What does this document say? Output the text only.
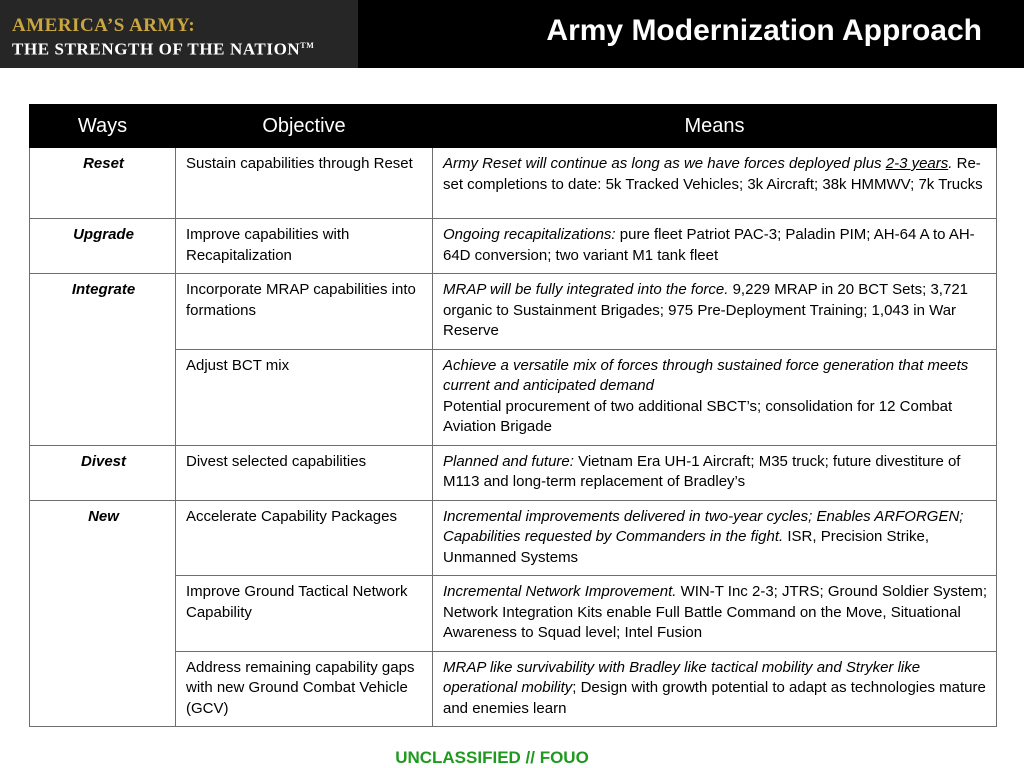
AMERICA’S ARMY:
THE STRENGTH OF THE NATION™	Army Modernization Approach
Ways	Objective	Means
Reset	Sustain capabilities through Reset	Army Reset will continue as long as we have forces deployed plus 2-3 years. Re-set completions to date: 5k Tracked Vehicles; 3k Aircraft; 38k HMMWV; 7k Trucks
Upgrade	Improve capabilities with Recapitalization	Ongoing recapitalizations: pure fleet Patriot PAC-3; Paladin PIM; AH-64 A to AH-64D conversion; two variant M1 tank fleet
Integrate	Incorporate MRAP capabilities into formations	MRAP will be fully integrated into the force. 9,229 MRAP in 20 BCT Sets; 3,721 organic to Sustainment Brigades; 975 Pre-Deployment Training; 1,043 in War Reserve
	Adjust BCT mix	Achieve a versatile mix of forces through sustained force generation that meets current and anticipated demand
Potential procurement of two additional SBCT’s; consolidation for 12 Combat Aviation Brigade

Divest	Divest selected capabilities	Planned and future: Vietnam Era UH-1 Aircraft; M35 truck; future divestiture of M113 and long-term replacement of Bradley’s
New	Accelerate Capability Packages	Incremental improvements delivered in two-year cycles; Enables ARFORGEN; Capabilities requested by Commanders in the fight. ISR, Precision Strike, Unmanned Systems
	Improve Ground Tactical Network Capability	Incremental Network Improvement. WIN-T Inc 2-3; JTRS; Ground Soldier System; Network Integration Kits enable Full Battle Command on the Move, Situational Awareness to Squad level; Intel Fusion
	Address remaining capability gaps with new Ground Combat Vehicle (GCV)	MRAP like survivability with Bradley like tactical mobility and Stryker like operational mobility; Design with growth potential to adapt as technologies mature and enemies learn
UNCLASSIFIED // FOUO
